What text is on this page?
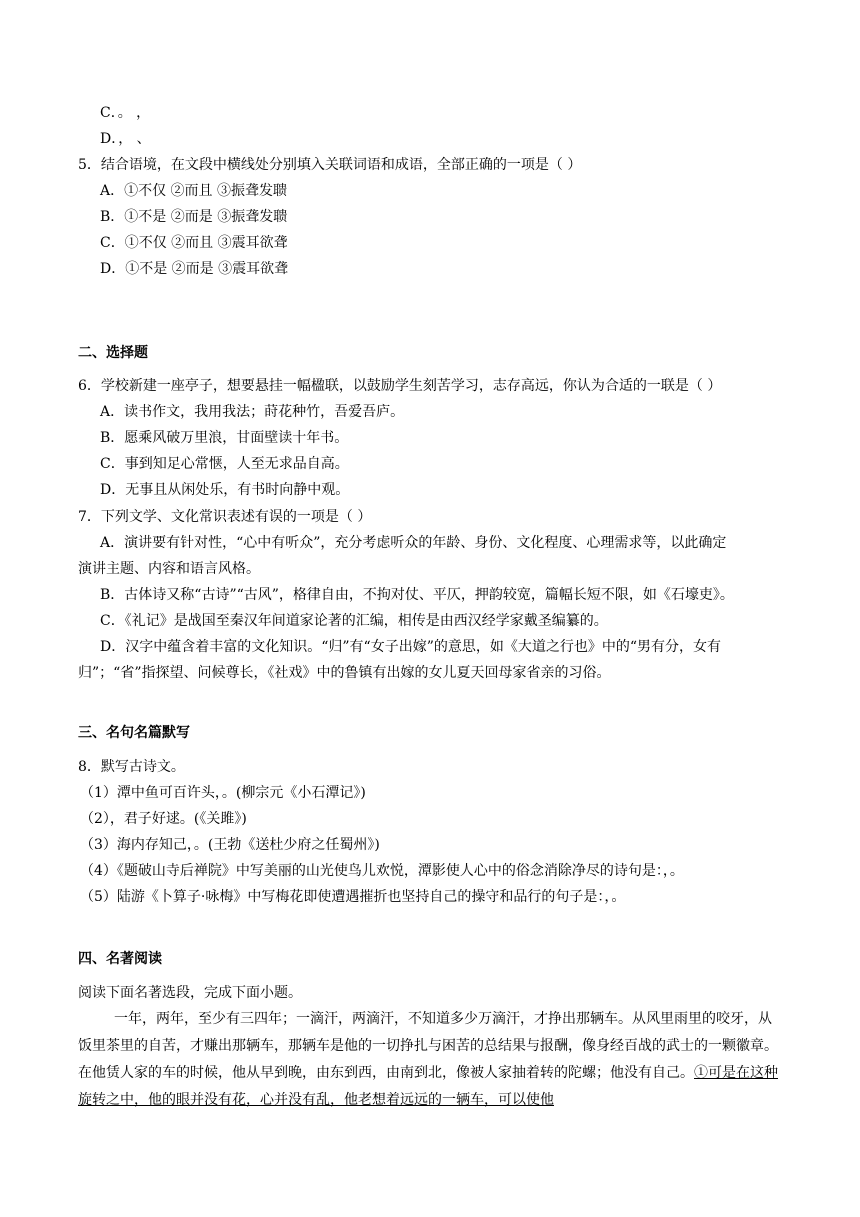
C．。 ，
D．， 、
5．结合语境，在文段中横线处分别填入关联词语和成语，全部正确的一项是（ ）
A．①不仅 ②而且 ③振聋发聩
B．①不是 ②而是 ③振聋发聩
C．①不仅 ②而且 ③震耳欲聋
D．①不是 ②而是 ③震耳欲聋
二、选择题
6．学校新建一座亭子，想要悬挂一幅楹联，以鼓励学生刻苦学习，志存高远，你认为合适的一联是（ ）
A．读书作文，我用我法；莳花种竹，吾爱吾庐。
B．愿乘风破万里浪，甘面壁读十年书。
C．事到知足心常惬，人至无求品自高。
D．无事且从闲处乐，有书时向静中观。
7．下列文学、文化常识表述有误的一项是（ ）
A．演讲要有针对性，“心中有听众”，充分考虑听众的年龄、身份、文化程度、心理需求等，以此确定
演讲主题、内容和语言风格。
B．古体诗又称“古诗”“古风”，格律自由，不拘对仗、平仄，押韵较宽，篇幅长短不限，如《石壕吏》。
C．《礼记》是战国至秦汉年间道家论著的汇编，相传是由西汉经学家戴圣编纂的。
D．汉字中蕴含着丰富的文化知识。“归”有“女子出嫁”的意思，如《大道之行也》中的“男有分，女有
归”；“省”指探望、问候尊长，《社戏》中的鲁镇有出嫁的女儿夏天回母家省亲的习俗。
三、名句名篇默写
8．默写古诗文。
（1）潭中鱼可百许头，。(柳宗元《小石潭记》)
（2），君子好逑。(《关雎》)
（3）海内存知己，。(王勃《送杜少府之任蜀州》)
（4）《题破山寺后禅院》中写美丽的山光使鸟儿欢悦，潭影使人心中的俗念消除净尽的诗句是：，。
（5）陆游《卜算子·咏梅》中写梅花即使遭遇摧折也坚持自己的操守和品行的句子是：，。
四、名著阅读
阅读下面名著选段，完成下面小题。
一年，两年，至少有三四年；一滴汗，两滴汗，不知道多少万滴汗，才挣出那辆车。从风里雨里的咬牙，从饭里茶里的自苦，才赚出那辆车，那辆车是他的一切挣扎与困苦的总结果与报酬，像身经百战的武士的一颗徽章。在他赁人家的车的时候，他从早到晚，由东到西，由南到北，像被人家抽着转的陀螺；他没有自己。①可是在这种旋转之中，他的眼并没有花，心并没有乱，他老想着远远的一辆车，可以使他
